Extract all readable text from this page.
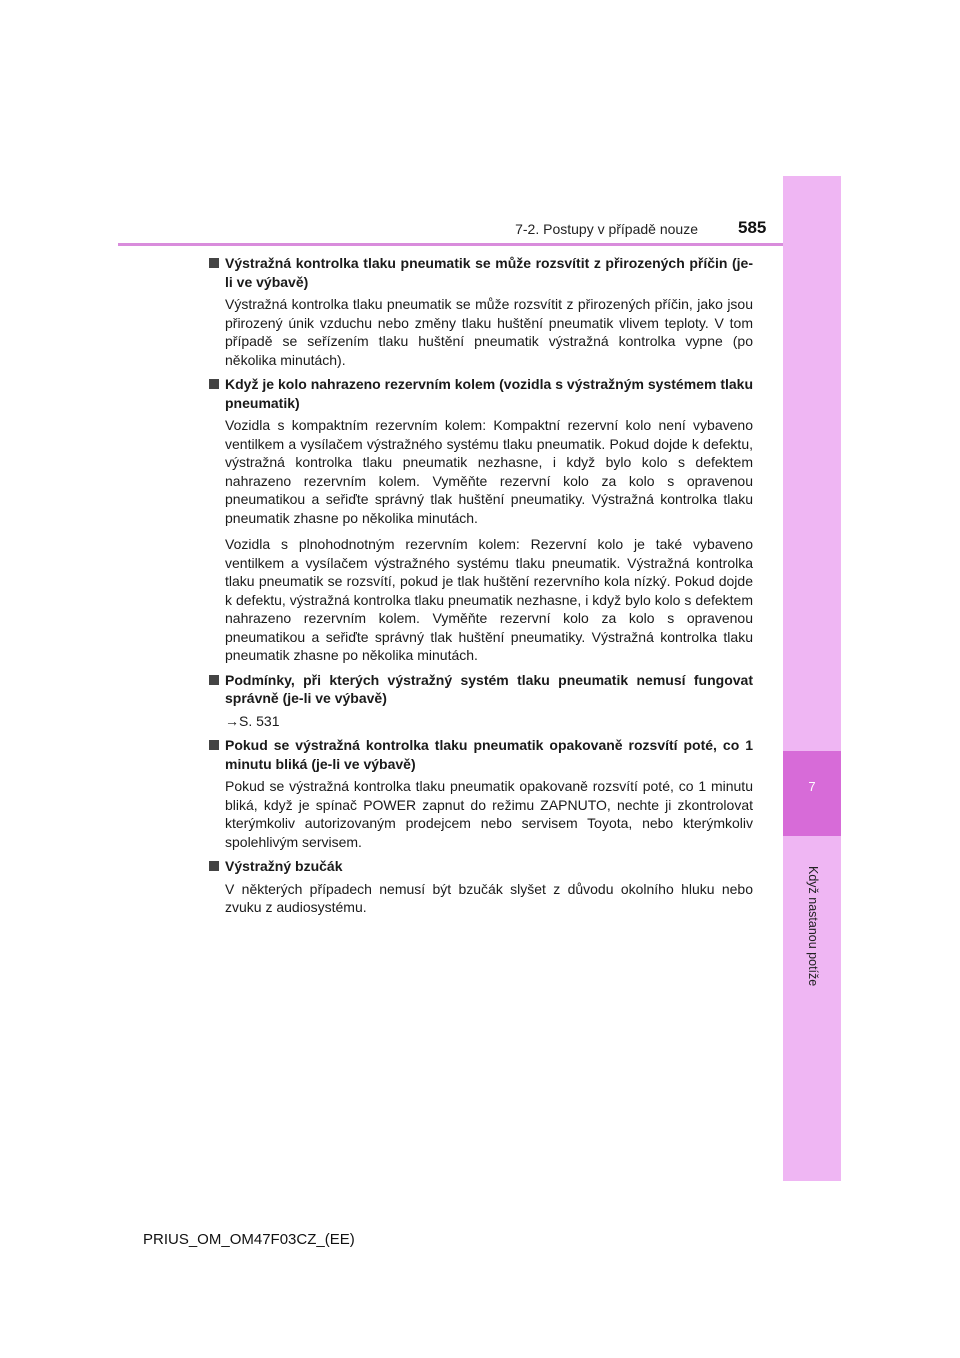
7
Když nastanou potíže
7-2. Postupy v případě nouze 585
Výstražná kontrolka tlaku pneumatik se může rozsvítit z přirozených příčin (je-li ve výbavě)
Výstražná kontrolka tlaku pneumatik se může rozsvítit z přirozených příčin, jako jsou přirozený únik vzduchu nebo změny tlaku huštění pneumatik vlivem teploty. V tom případě se seřízením tlaku huštění pneumatik výstražná kontrolka vypne (po několika minutách).
Když je kolo nahrazeno rezervním kolem (vozidla s výstražným systémem tlaku pneumatik)
Vozidla s kompaktním rezervním kolem: Kompaktní rezervní kolo není vybaveno ventilkem a vysílačem výstražného systému tlaku pneumatik. Pokud dojde k defektu, výstražná kontrolka tlaku pneumatik nezhasne, i když bylo kolo s defektem nahrazeno rezervním kolem. Vyměňte rezervní kolo za kolo s opravenou pneumatikou a seřiďte správný tlak huštění pneumatiky. Výstražná kontrolka tlaku pneumatik zhasne po několika minutách.
Vozidla s plnohodnotným rezervním kolem: Rezervní kolo je také vybaveno ventilkem a vysílačem výstražného systému tlaku pneumatik. Výstražná kontrolka tlaku pneumatik se rozsvítí, pokud je tlak huštění rezervního kola nízký. Pokud dojde k defektu, výstražná kontrolka tlaku pneumatik nezhasne, i když bylo kolo s defektem nahrazeno rezervním kolem. Vyměňte rezervní kolo za kolo s opravenou pneumatikou a seřiďte správný tlak huštění pneumatiky. Výstražná kontrolka tlaku pneumatik zhasne po několika minutách.
Podmínky, při kterých výstražný systém tlaku pneumatik nemusí fungovat správně (je-li ve výbavě)
→S. 531
Pokud se výstražná kontrolka tlaku pneumatik opakovaně rozsvítí poté, co 1 minutu bliká (je-li ve výbavě)
Pokud se výstražná kontrolka tlaku pneumatik opakovaně rozsvítí poté, co 1 minutu bliká, když je spínač POWER zapnut do režimu ZAPNUTO, nechte ji zkontrolovat kterýmkoliv autorizovaným prodejcem nebo servisem Toyota, nebo kterýmkoliv spolehlivým servisem.
Výstražný bzučák
V některých případech nemusí být bzučák slyšet z důvodu okolního hluku nebo zvuku z audiosystému.
PRIUS_OM_OM47F03CZ_(EE)
